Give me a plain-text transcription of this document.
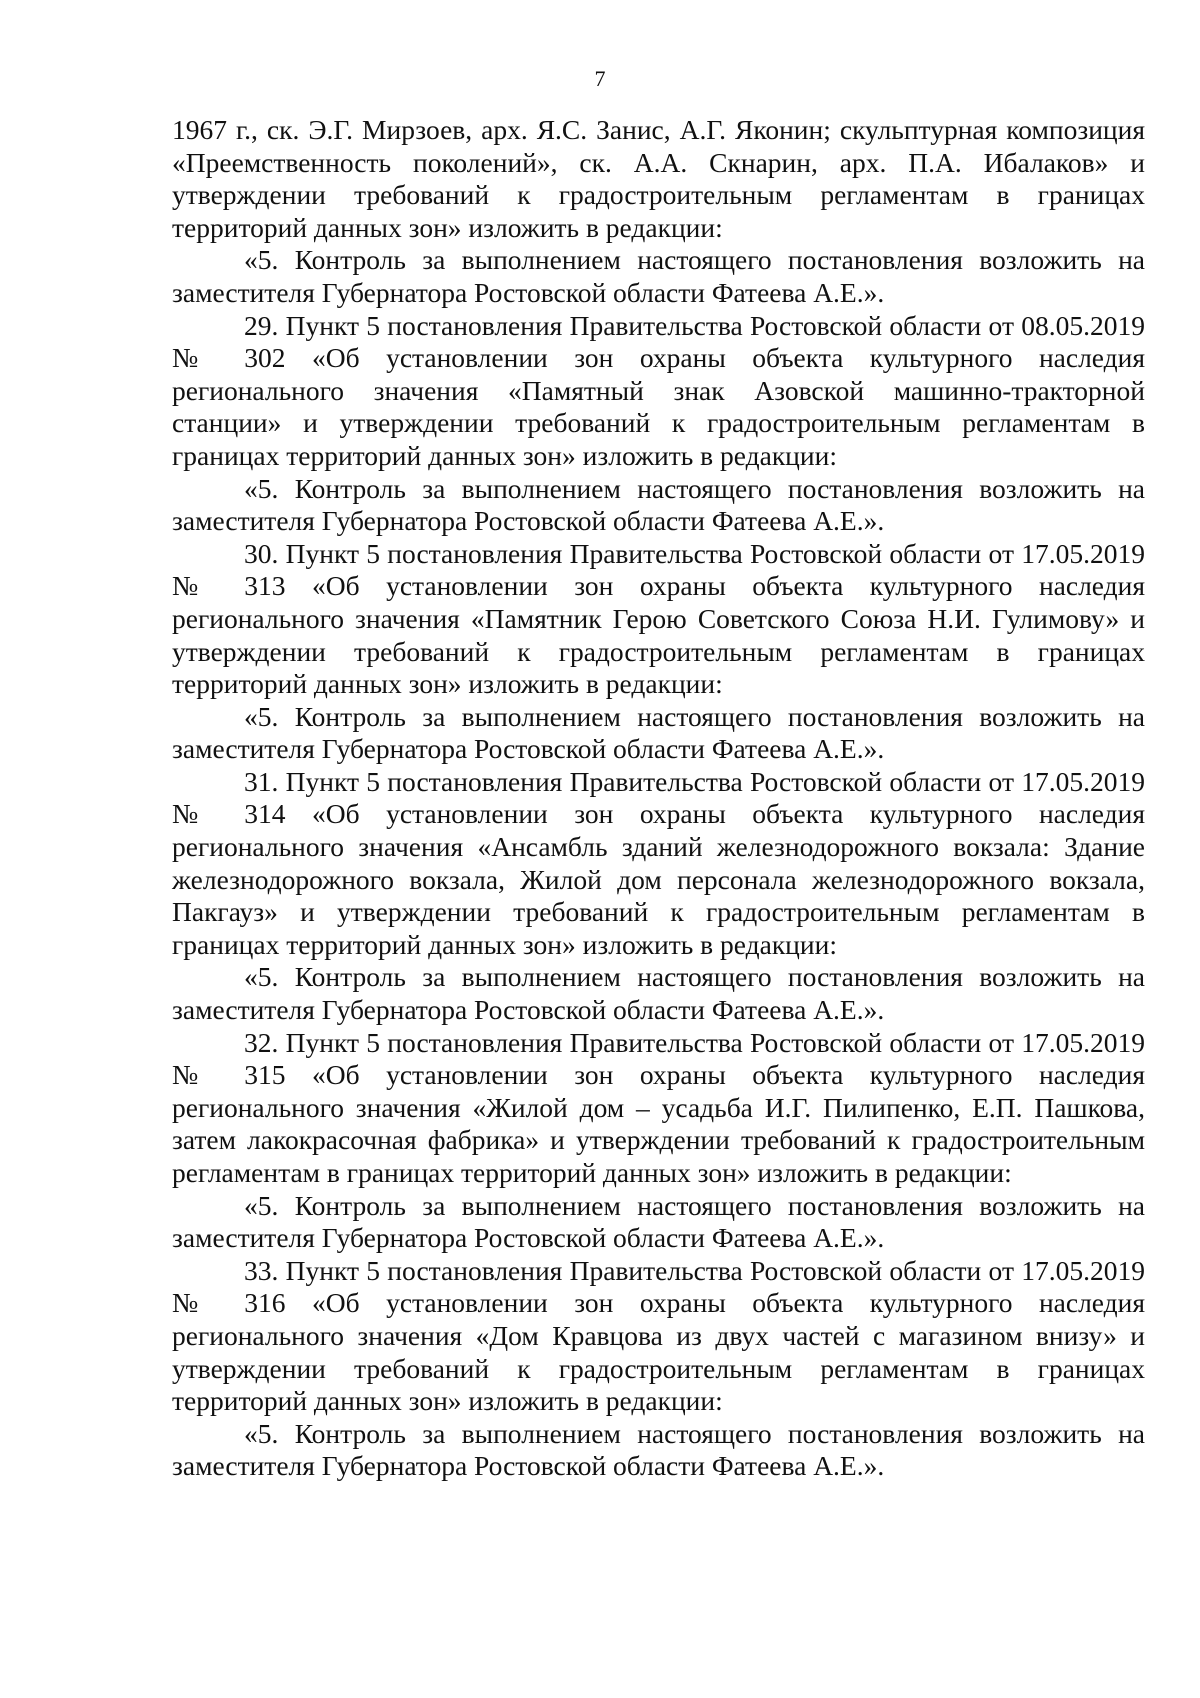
7

1967 г., ск. Э.Г. Мирзоев, арх. Я.С. Занис, А.Г. Яконин; скульптурная композиция «Преемственность поколений», ск. А.А. Скнарин, арх. П.А. Ибалаков» и утверждении требований к градостроительным регламентам в границах территорий данных зон» изложить в редакции:

«5. Контроль за выполнением настоящего постановления возложить на заместителя Губернатора Ростовской области Фатеева А.Е.».

29. Пункт 5 постановления Правительства Ростовской области от 08.05.2019 № 302 «Об установлении зон охраны объекта культурного наследия регионального значения «Памятный знак Азовской машинно-тракторной станции» и утверждении требований к градостроительным регламентам в границах территорий данных зон» изложить в редакции:

«5. Контроль за выполнением настоящего постановления возложить на заместителя Губернатора Ростовской области Фатеева А.Е.».

30. Пункт 5 постановления Правительства Ростовской области от 17.05.2019 № 313 «Об установлении зон охраны объекта культурного наследия регионального значения «Памятник Герою Советского Союза Н.И. Гулимову» и утверждении требований к градостроительным регламентам в границах территорий данных зон» изложить в редакции:

«5. Контроль за выполнением настоящего постановления возложить на заместителя Губернатора Ростовской области Фатеева А.Е.».

31. Пункт 5 постановления Правительства Ростовской области от 17.05.2019 № 314 «Об установлении зон охраны объекта культурного наследия регионального значения «Ансамбль зданий железнодорожного вокзала: Здание железнодорожного вокзала, Жилой дом персонала железнодорожного вокзала, Пакгауз» и утверждении требований к градостроительным регламентам в границах территорий данных зон» изложить в редакции:

«5. Контроль за выполнением настоящего постановления возложить на заместителя Губернатора Ростовской области Фатеева А.Е.».

32. Пункт 5 постановления Правительства Ростовской области от 17.05.2019 № 315 «Об установлении зон охраны объекта культурного наследия регионального значения «Жилой дом – усадьба И.Г. Пилипенко, Е.П. Пашкова, затем лакокрасочная фабрика» и утверждении требований к градостроительным регламентам в границах территорий данных зон» изложить в редакции:

«5. Контроль за выполнением настоящего постановления возложить на заместителя Губернатора Ростовской области Фатеева А.Е.».

33. Пункт 5 постановления Правительства Ростовской области от 17.05.2019 № 316 «Об установлении зон охраны объекта культурного наследия регионального значения «Дом Кравцова из двух частей с магазином внизу» и утверждении требований к градостроительным регламентам в границах территорий данных зон» изложить в редакции:

«5. Контроль за выполнением настоящего постановления возложить на заместителя Губернатора Ростовской области Фатеева А.Е.».
